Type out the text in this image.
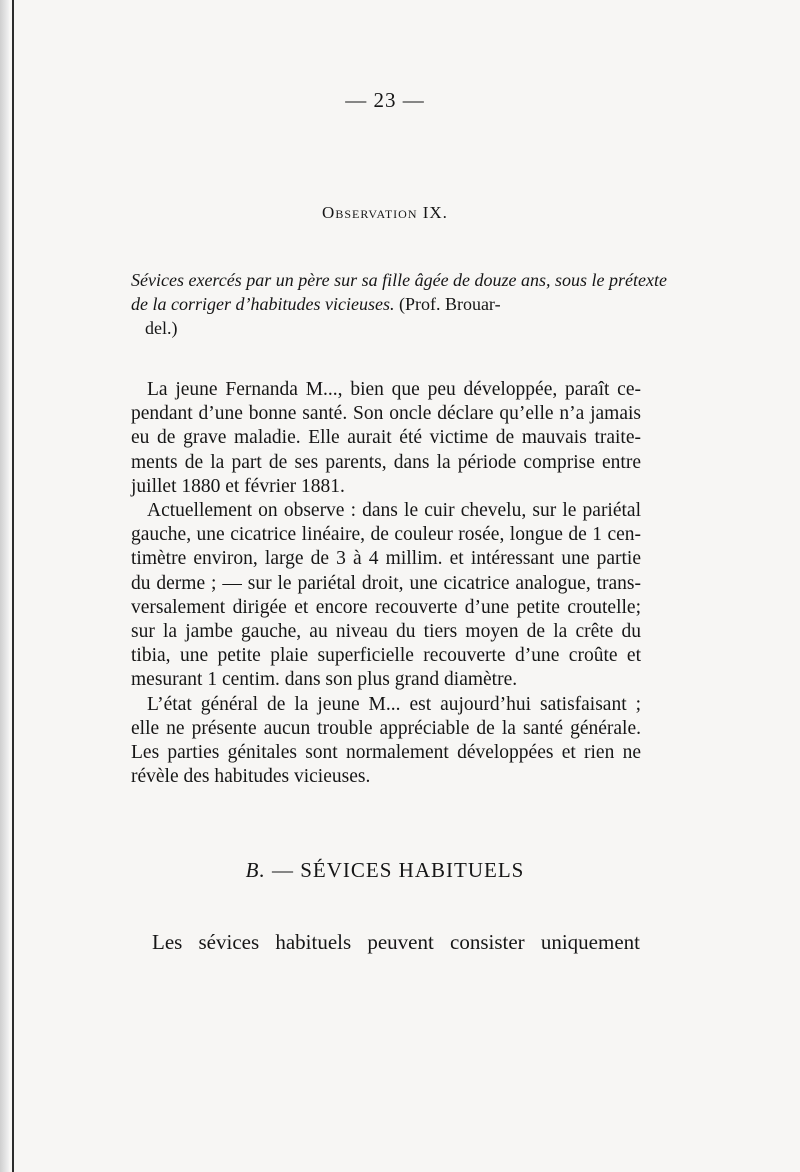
— 23 —
Observation IX.
Sévices exercés par un père sur sa fille âgée de douze ans, sous le prétexte de la corriger d’habitudes vicieuses. (Prof. Brouar-
del.)

La jeune Fernanda M..., bien que peu développée, paraît ce-

pendant d’une bonne santé. Son oncle déclare qu’elle n’a jamais

eu de grave maladie. Elle aurait été victime de mauvais traite-

ments de la part de ses parents, dans la période comprise entre

juillet 1880 et février 1881.

Actuellement on observe : dans le cuir chevelu, sur le pariétal

gauche, une cicatrice linéaire, de couleur rosée, longue de 1 cen-

timètre environ, large de 3 à 4 millim. et intéressant une partie

du derme ; — sur le pariétal droit, une cicatrice analogue, trans-

versalement dirigée et encore recouverte d’une petite croutelle;

sur la jambe gauche, au niveau du tiers moyen de la crête du

tibia, une petite plaie superficielle recouverte d’une croûte et

mesurant 1 centim. dans son plus grand diamètre.

L’état général de la jeune M... est aujourd’hui satisfaisant ;

elle ne présente aucun trouble appréciable de la santé générale.

Les parties génitales sont normalement développées et rien ne

révèle des habitudes vicieuses.

B. — SÉVICES HABITUELS
Les sévices habituels peuvent consister uniquement
